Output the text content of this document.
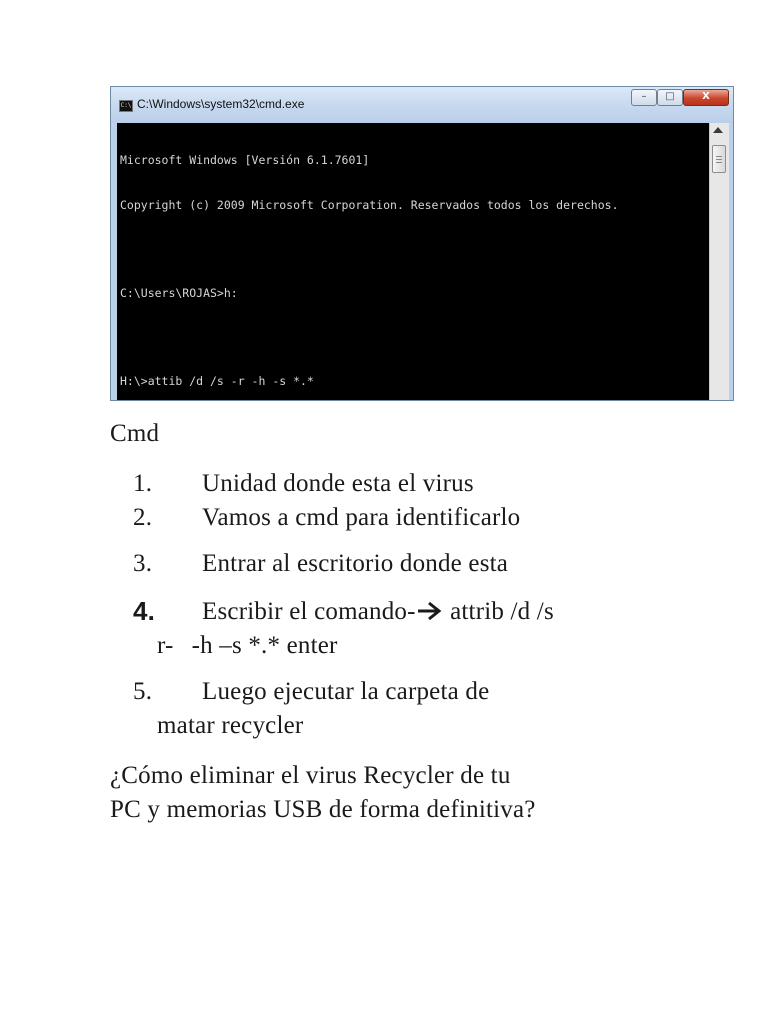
C:\ C:\Windows\system32\cmd.exe
–	□	X

Microsoft Windows [Versión 6.1.7601]

Copyright (c) 2009 Microsoft Corporation. Reservados todos los derechos.

C:\Users\ROJAS>h:

H:\>attib /d /s -r -h -s *.*

Cmd
1. Unidad donde esta el virus
2. Vamos a cmd para identificarlo
3. Entrar al escritorio donde esta
4. Escribir el comando- attrib /d /s
r- -h –s *.* enter
5. Luego ejecutar la carpeta de
matar recycler
¿Cómo eliminar el virus Recycler de tu
PC y memorias USB de forma definitiva?
